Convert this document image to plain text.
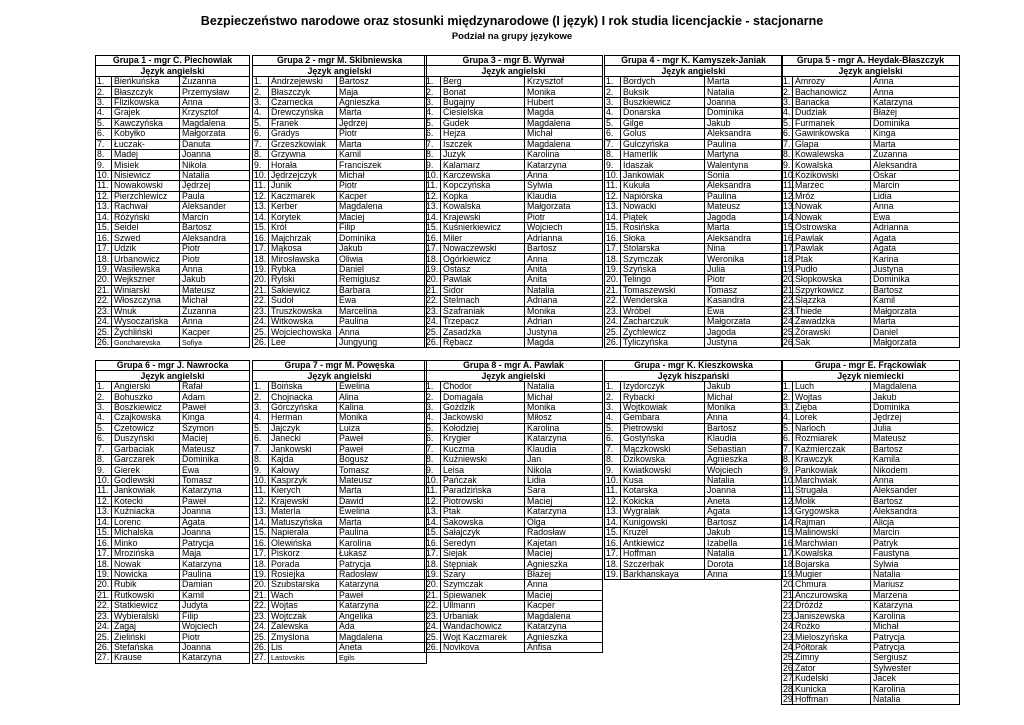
Bezpieczeństwo narodowe oraz stosunki międzynarodowe (I język) I rok studia licencjackie - stacjonarne
Podział na grupy językowe
Grupa 1 - mgr C. Piechowiak		
Język angielski		
1.	Bieńkuńska	Zuzanna
2.	Błaszczyk	Przemysław
3.	Flizikowska	Anna
4.	Grajek	Krzysztof
5.	Kawczyńska	Magdalena
6.	Kobyłko	Małgorzata
7.	Łuczak-	Danuta
8.	Madej	Joanna
9.	Misiek	Nikola
10.	Nisiewicz	Natalia
11.	Nowakowski	Jędrzej
12.	Pierzchlewicz	Paula
13.	Rachwał	Aleksander
14.	Różyński	Marcin
15.	Seidel	Bartosz
16.	Szwed	Aleksandra
17.	Udzik	Piotr
18.	Urbanowicz	Piotr
19.	Wasilewska	Anna
20.	Wejkszner	Jakub
21.	Winiarski	Mateusz
22.	Włoszczyna	Michał
23.	Wnuk	Zuzanna
24.	Wysoczańska	Anna
25.	Żychliński	Kacper
26.	Goncharevska	Sofiya
Grupa 2 - mgr M. Skibniewska		
Język angielski		
1.	Andrzejewski	Bartosz
2.	Błaszczyk	Maja
3.	Czarnecka	Agnieszka
4.	Drewczyńska	Marta
5.	Franek	Jędrzej
6.	Gradys	Piotr
7.	Grzeszkowiak	Marta
8.	Grzywna	Kamil
9.	Horała	Franciszek
10.	Jędrzejczyk	Michał
11.	Junik	Piotr
12.	Kaczmarek	Kacper
13.	Kerber	Magdalena
14.	Korytek	Maciej
15.	Król	Filip
16.	Majchrzak	Dominika
17.	Mąkosa	Jakub
18.	Mirosławska	Oliwia
19.	Rybka	Daniel
20.	Rylski	Remigiusz
21.	Sakiewicz	Barbara
22.	Sudoł	Ewa
23.	Truszkowska	Marcelina
24.	Witkowska	Paulina
25.	Wojciechowska	Anna
26.	Lee	Jungyung
Grupa 3 - mgr B. Wyrwał		
Język angielski		
1.	Berg	Krzysztof
2.	Bonat	Monika
3.	Bugajny	Hubert
4.	Ciesielska	Magda
5.	Gudek	Magdalena
6.	Hejza	Michał
7.	Iszczek	Magdalena
8.	Juzyk	Karolina
9.	Kalamarz	Katarzyna
10.	Karczewska	Anna
11.	Kopczyńska	Sylwia
12.	Kopka	Klaudia
13.	Kowalska	Małgorzata
14.	Krajewski	Piotr
15.	Kuśnierkiewicz	Wojciech
16.	Miler	Adrianna
17.	Nowaczewski	Bartosz
18.	Ogórkiewicz	Anna
19.	Ostasz	Anita
20.	Pawlak	Anita
21.	Sidor	Natalia
22.	Stelmach	Adriana
23.	Szafraniak	Monika
24.	Trzepacz	Adrian
25.	Zasadzka	Justyna
26.	Rębacz	Magda
Grupa 4 - mgr K. Kamyszek-Janiak		
Język angielski		
1.	Bordych	Marta
2.	Buksik	Natalia
3.	Buszkiewicz	Joanna
4.	Donarska	Dominika
5.	Gilge	Jakub
6.	Golus	Aleksandra
7.	Gulczyńska	Paulina
8.	Hamerlik	Martyna
9.	Idaszak	Walentyna
10.	Jankowiak	Sonia
11.	Kukuła	Aleksandra
12.	Napiórska	Paulina
13.	Nowacki	Mateusz
14.	Piątek	Jagoda
15.	Rosińska	Marta
16.	Słoka	Aleksandra
17.	Stolarska	Nina
18.	Szymczak	Weronika
19.	Szyńska	Julia
20.	Telingo	Piotr
21.	Tomaszewski	Tomasz
22.	Wenderska	Kasandra
23.	Wróbel	Ewa
24.	Zacharczuk	Małgorzata
25.	Zychlewicz	Jagoda
26.	Tyliczyńska	Justyna
Grupa 5 - mgr A. Heydak-Błaszczyk		
Język angielski		
1.	Amrozy	Anna
2.	Bachanowicz	Anna
3.	Banacka	Katarzyna
4.	Dudziak	Błażej
5.	Furmanek	Dominika
6.	Gawinkowska	Kinga
7.	Glapa	Marta
8.	Kowalewska	Zuzanna
9.	Kowalska	Aleksandra
10.	Kozikowski	Oskar
11.	Marzec	Marcin
12.	Mróz	Lidia
13.	Nowak	Anna
14.	Nowak	Ewa
15.	Ostrowska	Adrianna
16.	Pawlak	Agata
17.	Pawlak	Agata
18.	Ptak	Karina
19.	Pudło	Justyna
20.	Słopkowska	Dominika
21.	Szpyrkowicz	Bartosz
22.	Ślązzka	Kamil
23.	Thiede	Małgorzata
24.	Zawadzka	Marta
25.	Żórawski	Daniel
26.	Sak	Małgorzata
Grupa 6 - mgr J. Nawrocka		
Język angielski		
1.	Angierski	Rafał
2.	Bohuszko	Adam
3.	Boszkiewicz	Paweł
4.	Czajkowska	Kinga
5.	Czetowicz	Szymon
6.	Duszyński	Maciej
7.	Garbaciak	Mateusz
8.	Garczarek	Dominika
9.	Gierek	Ewa
10.	Godlewski	Tomasz
11.	Jankowiak	Katarzyna
12.	Kotecki	Paweł
13.	Kuźniacka	Joanna
14.	Lorenc	Agata
15.	Michalska	Joanna
16.	Minko	Patrycja
17.	Mrozińska	Maja
18.	Nowak	Katarzyna
19.	Nowicka	Paulina
20.	Rubik	Damian
21.	Rutkowski	Kamil
22.	Statkiewicz	Judyta
23.	Wybieralski	Filip
24.	Zagaj	Wojciech
25.	Zieliński	Piotr
26.	Stefańska	Joanna
27.	Krause	Katarzyna
Grupa 7 - mgr M. Powęska		
Język angielski		
1.	Boińska	Ewelina
2.	Chojnacka	Alina
3.	Górczyńska	Kalina
4.	Herman	Monika
5.	Jajczyk	Luiza
6.	Janecki	Paweł
7.	Jankowski	Paweł
8.	Kajda	Bogusz
9.	Kałowy	Tomasz
10.	Kasprzyk	Mateusz
11.	Kierych	Marta
12.	Krajewski	Dawid
13.	Materla	Ewelina
14.	Matuszyńska	Marta
15.	Napierała	Paulina
16.	Olewińska	Karolina
17.	Piskorz	Łukasz
18.	Porada	Patrycja
19.	Rosiejka	Radosław
20.	Szubstarska	Katarzyna
21.	Wach	Paweł
22.	Wojtas	Katarzyna
23.	Wojtczak	Angelika
24.	Zalewska	Ada
25.	Zmyślona	Magdalena
26.	Lis	Aneta
27.	Lastovskis	Egils
Grupa 8 - mgr A. Pawlak		
Język angielski		
1.	Chodor	Natalia
2.	Domagała	Michał
3.	Gożdzik	Monika
4.	Jackowski	Miłosz
5.	Kołodziej	Karolina
6.	Krygier	Katarzyna
7.	Kuczma	Klaudia
8.	Kuźniewski	Jan
9.	Leisa	Nikola
10.	Pańczak	Lidia
11.	Paradzińska	Sara
12.	Piotrowski	Maciej
13.	Ptak	Katarzyna
14.	Sakowska	Olga
15.	Sałajczyk	Radosław
16.	Seredyn	Kajetan
17.	Siejak	Maciej
18.	Stępniak	Agnieszka
19.	Szary	Błażej
20.	Szymczak	Anna
21.	Śpiewanek	Maciej
22.	Ullmann	Kacper
23.	Urbaniak	Magdalena
24.	Wandachowicz	Katarzyna
25.	Wojt Kaczmarek	Agnieszka
26.	Novikova	Anfisa
Grupa - mgr K. Kieszkowska		
Język hiszpański		
1.	Izydorczyk	Jakub
2.	Rybacki	Michał
3.	Wojtkowiak	Monika
4.	Gembara	Anna
5.	Pietrowski	Bartosz
6.	Gostyńska	Klaudia
7.	Mączkowski	Sebastian
8.	Dzikowska	Agnieszka
9.	Kwiatkowski	Wojciech
10.	Kusa	Natalia
11.	Kotarska	Joanna
12.	Kokicka	Aneta
13.	Wygralak	Agata
14.	Kunigowski	Bartosz
15.	Kruzel	Jakub
16.	Antkiewicz	Izabella
17.	Hoffman	Natalia
18.	Szczerbak	Dorota
19.	Barkhanskaya	Anna
Grupa - mgr E. Frąckowiak		
Język niemiecki		
1.	Luch	Magdalena
2.	Wojtas	Jakub
3.	Zięba	Dominika
4.	Lorek	Jędrzej
5.	Narloch	Julia
6.	Rozmiarek	Mateusz
7.	Kaźmierczak	Bartosz
8.	Krawczyk	Kamila
9.	Pankowiak	Nikodem
10.	Marchwiak	Anna
11.	Strugała	Aleksander
12.	Molik	Bartosz
13.	Grygowska	Aleksandra
14.	Rajman	Alicja
15.	Malinowski	Marcin
16.	Marchwian	Patryk
17.	Kowalska	Faustyna
18.	Bojarska	Sylwia
19.	Mugier	Natalia
20.	Chmura	Mariusz
21.	Anczurowska	Marzena
22.	Dróżdż	Katarzyna
23.	Janiszewska	Karolina
24.	Rożko	Michał
23.	Mieloszyńska	Patrycja
24.	Półtorak	Patrycja
25.	Zimny	Sergiusz
26.	Zator	Sylwester
27.	Kudelski	Jacek
28.	Kunicka	Karolina
29.	Hoffman	Natalia
